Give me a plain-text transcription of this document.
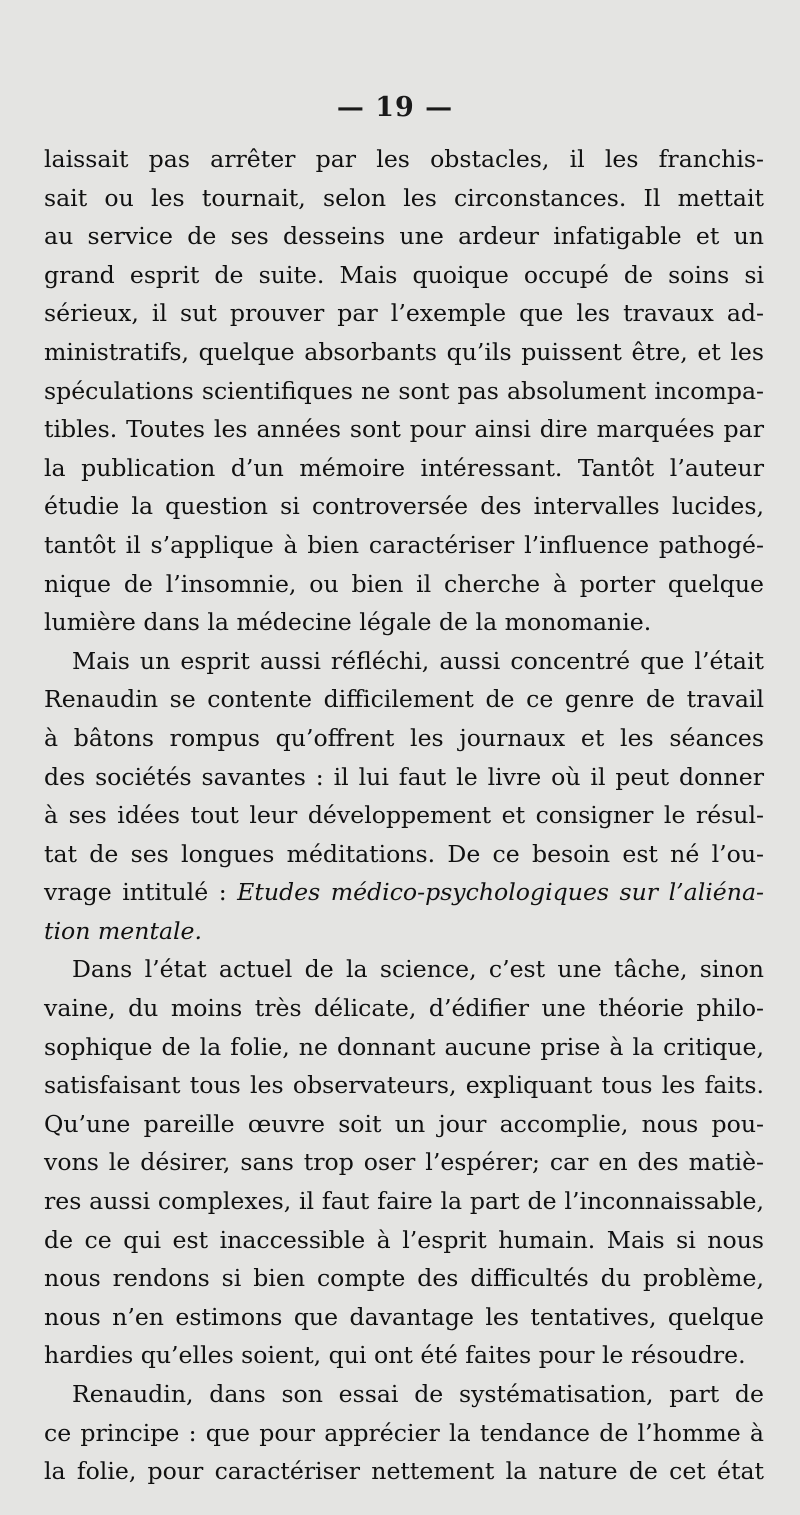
— 19 —
laissait pas arrêter par les obstacles, il les franchis-
sait ou les tournait, selon les circonstances. Il mettait
au service de ses desseins une ardeur infatigable et un
grand esprit de suite. Mais quoique occupé de soins si
sérieux, il sut prouver par l’exemple que les travaux ad-
ministratifs, quelque absorbants qu’ils puissent être, et les
spéculations scientifiques ne sont pas absolument incompa-
tibles. Toutes les années sont pour ainsi dire marquées par
la publication d’un mémoire intéressant. Tantôt l’auteur
étudie la question si controversée des intervalles lucides,
tantôt il s’applique à bien caractériser l’influence pathogé-
nique de l’insomnie, ou bien il cherche à porter quelque
lumière dans la médecine légale de la monomanie.
Mais un esprit aussi réfléchi, aussi concentré que l’était
Renaudin se contente difficilement de ce genre de travail
à bâtons rompus qu’offrent les journaux et les séances
des sociétés savantes : il lui faut le livre où il peut donner
à ses idées tout leur développement et consigner le résul-
tat de ses longues méditations. De ce besoin est né l’ou-
vrage intitulé : Etudes médico-psychologiques sur l’aliéna-
tion mentale.
Dans l’état actuel de la science, c’est une tâche, sinon
vaine, du moins très délicate, d’édifier une théorie philo-
sophique de la folie, ne donnant aucune prise à la critique,
satisfaisant tous les observateurs, expliquant tous les faits.
Qu’une pareille œuvre soit un jour accomplie, nous pou-
vons le désirer, sans trop oser l’espérer; car en des matiè-
res aussi complexes, il faut faire la part de l’inconnaissable,
de ce qui est inaccessible à l’esprit humain. Mais si nous
nous rendons si bien compte des difficultés du problème,
nous n’en estimons que davantage les tentatives, quelque
hardies qu’elles soient, qui ont été faites pour le résoudre.
Renaudin, dans son essai de systématisation, part de
ce principe : que pour apprécier la tendance de l’homme à
la folie, pour caractériser nettement la nature de cet état
